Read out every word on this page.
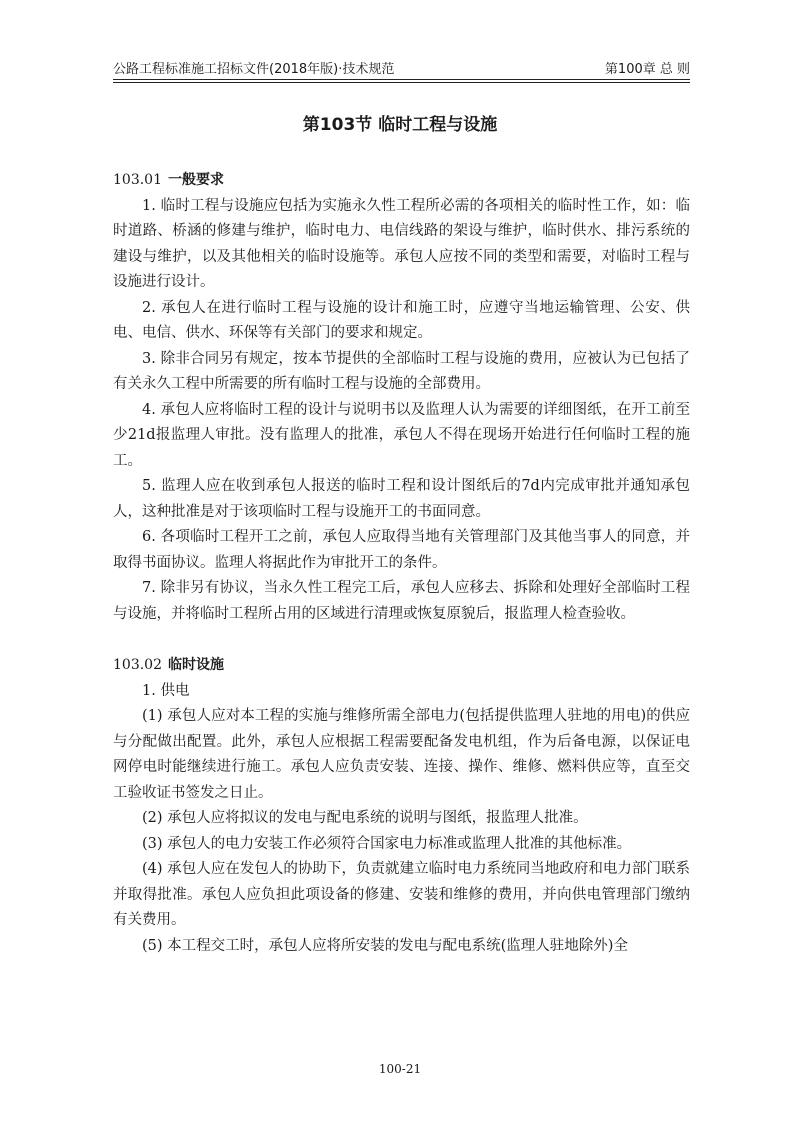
公路工程标准施工招标文件(2018年版)·技术规范	第100章 总 则
第103节 临时工程与设施
103.01 一般要求

1. 临时工程与设施应包括为实施永久性工程所必需的各项相关的临时性工作，如：临时道路、桥涵的修建与维护，临时电力、电信线路的架设与维护，临时供水、排污系统的建设与维护，以及其他相关的临时设施等。承包人应按不同的类型和需要，对临时工程与设施进行设计。

2. 承包人在进行临时工程与设施的设计和施工时，应遵守当地运输管理、公安、供电、电信、供水、环保等有关部门的要求和规定。

3. 除非合同另有规定，按本节提供的全部临时工程与设施的费用，应被认为已包括了有关永久工程中所需要的所有临时工程与设施的全部费用。

4. 承包人应将临时工程的设计与说明书以及监理人认为需要的详细图纸，在开工前至少21d报监理人审批。没有监理人的批准，承包人不得在现场开始进行任何临时工程的施工。

5. 监理人应在收到承包人报送的临时工程和设计图纸后的7d内完成审批并通知承包人，这种批准是对于该项临时工程与设施开工的书面同意。

6. 各项临时工程开工之前，承包人应取得当地有关管理部门及其他当事人的同意，并取得书面协议。监理人将据此作为审批开工的条件。

7. 除非另有协议，当永久性工程完工后，承包人应移去、拆除和处理好全部临时工程与设施，并将临时工程所占用的区域进行清理或恢复原貌后，报监理人检查验收。

103.02 临时设施

1. 供电

(1) 承包人应对本工程的实施与维修所需全部电力(包括提供监理人驻地的用电)的供应与分配做出配置。此外，承包人应根据工程需要配备发电机组，作为后备电源，以保证电网停电时能继续进行施工。承包人应负责安装、连接、操作、维修、燃料供应等，直至交工验收证书签发之日止。

(2) 承包人应将拟议的发电与配电系统的说明与图纸，报监理人批准。

(3) 承包人的电力安装工作必须符合国家电力标准或监理人批准的其他标准。

(4) 承包人应在发包人的协助下，负责就建立临时电力系统同当地政府和电力部门联系并取得批准。承包人应负担此项设备的修建、安装和维修的费用，并向供电管理部门缴纳有关费用。

(5) 本工程交工时，承包人应将所安装的发电与配电系统(监理人驻地除外)全

100-21
